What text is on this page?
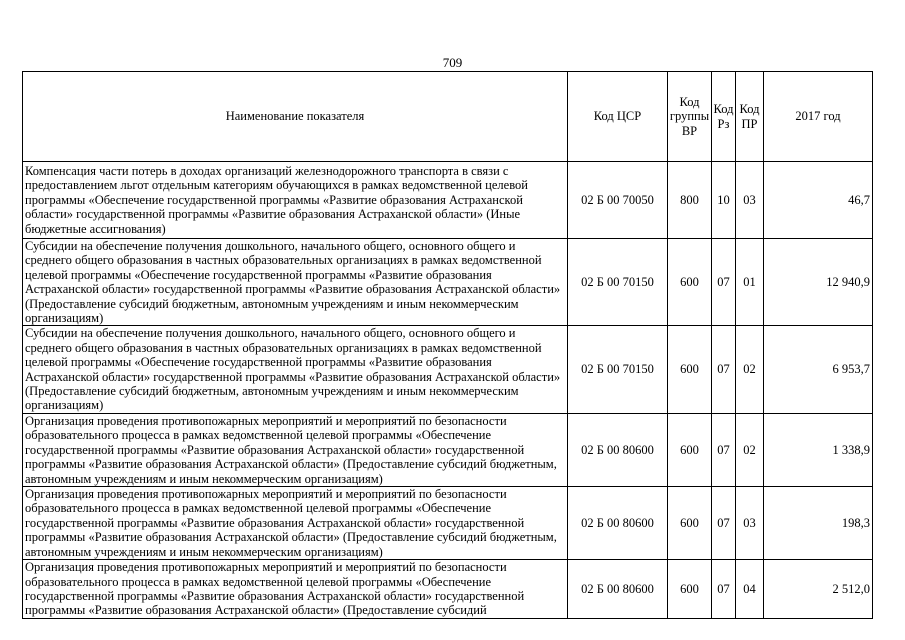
709
Наименование показателя	Код ЦСР	Код группы ВР	Код Рз	Код ПР	2017 год
Компенсация части потерь в доходах организаций железнодорожного транспорта в связи с предоставлением льгот отдельным категориям обучающихся в рамках ведомственной целевой программы «Обеспечение государственной программы «Развитие образования Астраханской области» государственной программы «Развитие образования Астраханской области» (Иные бюджетные ассигнования)	02 Б 00 70050	800	10	03	46,7
Субсидии на обеспечение получения дошкольного, начального общего, основного общего и среднего общего образования в частных образовательных организациях в рамках ведомственной целевой программы «Обеспечение государственной программы «Развитие образования Астраханской области» государственной программы «Развитие образования Астраханской области» (Предоставление субсидий бюджетным, автономным учреждениям и иным некоммерческим организациям)	02 Б 00 70150	600	07	01	12 940,9
Субсидии на обеспечение получения дошкольного, начального общего, основного общего и среднего общего образования в частных образовательных организациях в рамках ведомственной целевой программы «Обеспечение государственной программы «Развитие образования Астраханской области» государственной программы «Развитие образования Астраханской области» (Предоставление субсидий бюджетным, автономным учреждениям и иным некоммерческим организациям)	02 Б 00 70150	600	07	02	6 953,7
Организация проведения противопожарных мероприятий и мероприятий по безопасности образовательного процесса в рамках ведомственной целевой программы «Обеспечение государственной программы «Развитие образования Астраханской области» государственной программы «Развитие образования Астраханской области» (Предоставление субсидий бюджетным, автономным учреждениям и иным некоммерческим организациям)	02 Б 00 80600	600	07	02	1 338,9
Организация проведения противопожарных мероприятий и мероприятий по безопасности образовательного процесса в рамках ведомственной целевой программы «Обеспечение государственной программы «Развитие образования Астраханской области» государственной программы «Развитие образования Астраханской области» (Предоставление субсидий бюджетным, автономным учреждениям и иным некоммерческим организациям)	02 Б 00 80600	600	07	03	198,3
Организация проведения противопожарных мероприятий и мероприятий по безопасности образовательного процесса в рамках ведомственной целевой программы «Обеспечение государственной программы «Развитие образования Астраханской области» государственной программы «Развитие образования Астраханской области» (Предоставление субсидий	02 Б 00 80600	600	07	04	2 512,0
